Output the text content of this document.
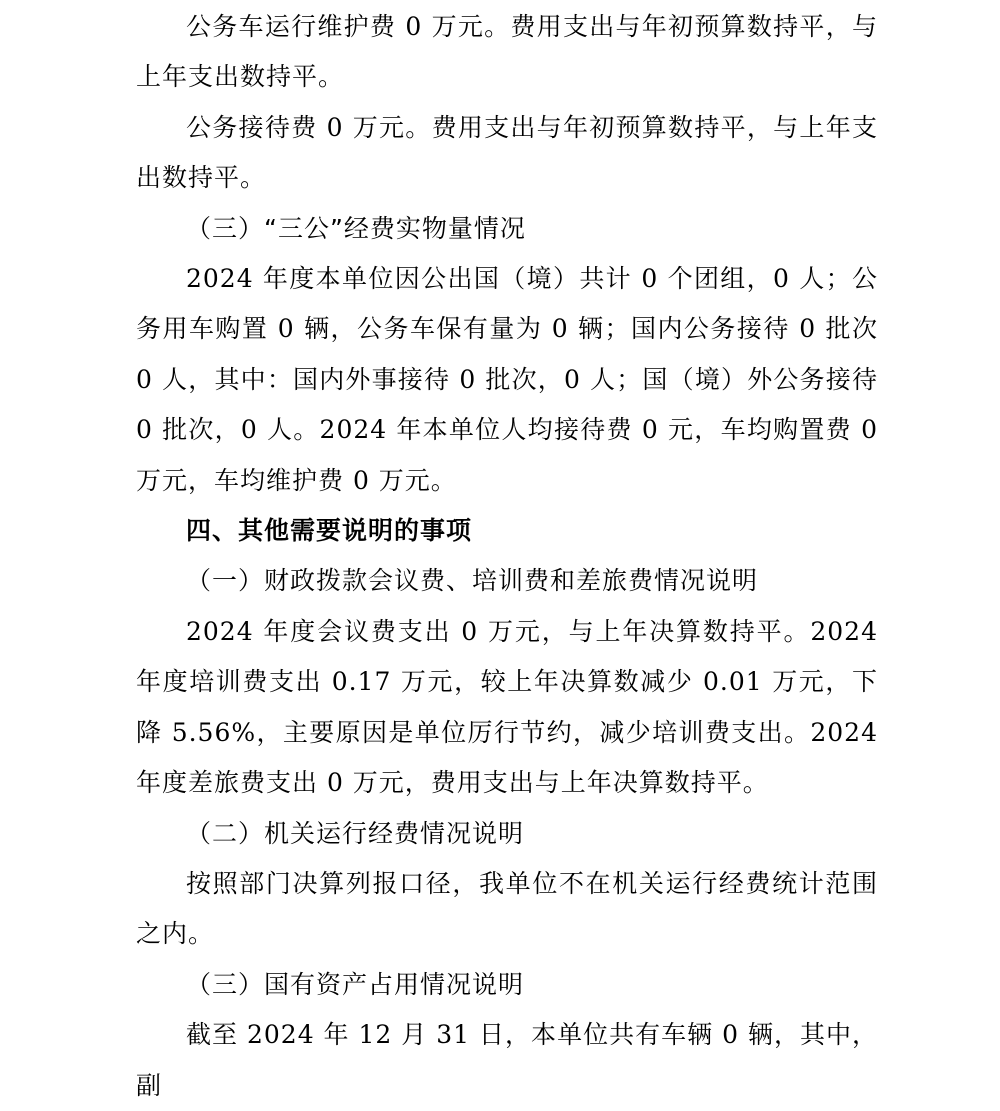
公务车运行维护费 0 万元。费用支出与年初预算数持平，与上年支出数持平。

公务接待费 0 万元。费用支出与年初预算数持平，与上年支出数持平。

（三）“三公”经费实物量情况

2024 年度本单位因公出国（境）共计 0 个团组，0 人；公务用车购置 0 辆，公务车保有量为 0 辆；国内公务接待 0 批次 0 人，其中：国内外事接待 0 批次，0 人；国（境）外公务接待 0 批次，0 人。2024 年本单位人均接待费 0 元，车均购置费 0 万元，车均维护费 0 万元。

四、其他需要说明的事项

（一）财政拨款会议费、培训费和差旅费情况说明

2024 年度会议费支出 0 万元，与上年决算数持平。2024 年度培训费支出 0.17 万元，较上年决算数减少 0.01 万元，下降 5.56%，主要原因是单位厉行节约，减少培训费支出。2024 年度差旅费支出 0 万元，费用支出与上年决算数持平。

（二）机关运行经费情况说明

按照部门决算列报口径，我单位不在机关运行经费统计范围之内。

（三）国有资产占用情况说明

截至 2024 年 12 月 31 日，本单位共有车辆 0 辆，其中，副
